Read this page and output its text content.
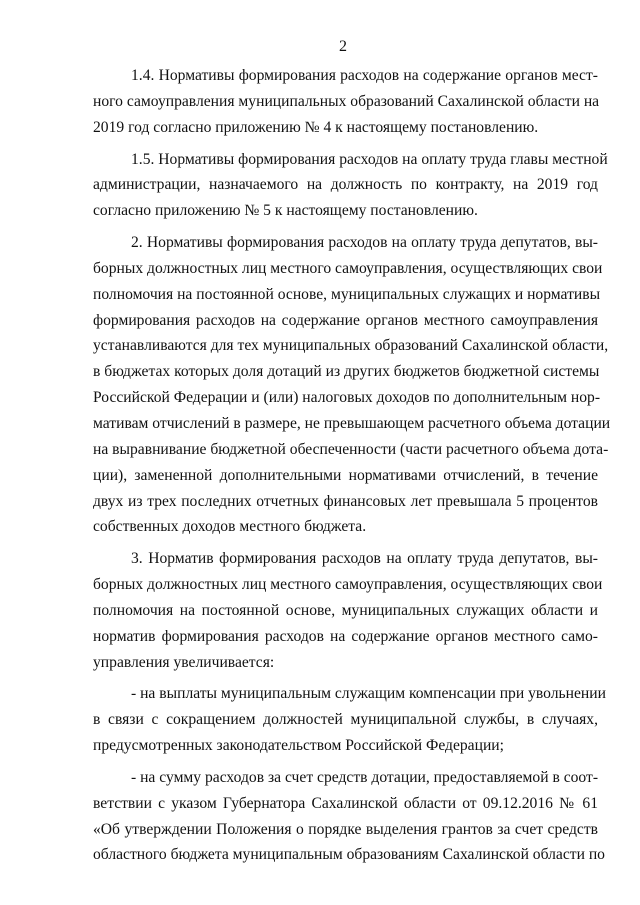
2
1.4. Нормативы формирования расходов на содержание органов мест-
ного самоуправления муниципальных образований Сахалинской области на
2019 год согласно приложению № 4 к настоящему постановлению.
1.5. Нормативы формирования расходов на оплату труда главы местной
администрации, назначаемого на должность по контракту, на 2019 год
согласно приложению № 5 к настоящему постановлению.
2. Нормативы формирования расходов на оплату труда депутатов, вы-
борных должностных лиц местного самоуправления, осуществляющих свои
полномочия на постоянной основе, муниципальных служащих и нормативы
формирования расходов на содержание органов местного самоуправления
устанавливаются для тех муниципальных образований Сахалинской области,
в бюджетах которых доля дотаций из других бюджетов бюджетной системы
Российской Федерации и (или) налоговых доходов по дополнительным нор-
мативам отчислений в размере, не превышающем расчетного объема дотации
на выравнивание бюджетной обеспеченности (части расчетного объема дота-
ции), замененной дополнительными нормативами отчислений, в течение
двух из трех последних отчетных финансовых лет превышала 5 процентов
собственных доходов местного бюджета.
3. Норматив формирования расходов на оплату труда депутатов, вы-
борных должностных лиц местного самоуправления, осуществляющих свои
полномочия на постоянной основе, муниципальных служащих области и
норматив формирования расходов на содержание органов местного само-
управления увеличивается:
- на выплаты муниципальным служащим компенсации при увольнении
в связи с сокращением должностей муниципальной службы, в случаях,
предусмотренных законодательством Российской Федерации;
- на сумму расходов за счет средств дотации, предоставляемой в соот-
ветствии с указом Губернатора Сахалинской области от 09.12.2016 № 61
«Об утверждении Положения о порядке выделения грантов за счет средств
областного бюджета муниципальным образованиям Сахалинской области по
